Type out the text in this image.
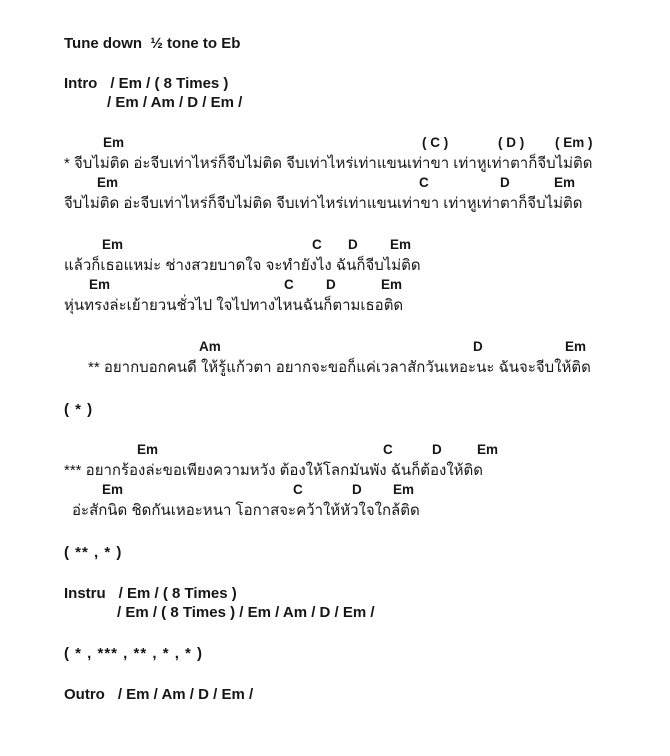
Tune down  ½ tone to Eb
Intro / Em / ( 8 Times )
/ Em / Am / D / Em /
Em	( C )	( D ) ( Em )
* จีบไม่ติด อ่ะจีบเท่าไหร่ก็จีบไม่ติด จีบเท่าไหร่เท่าแขนเท่าขา เท่าหูเท่าตาก็จีบไม่ติด
Em	C	D	Em
จีบไม่ติด อ่ะจีบเท่าไหร่ก็จีบไม่ติด จีบเท่าไหร่เท่าแขนเท่าขา เท่าหูเท่าตาก็จีบไม่ติด
Em	C D Em
แล้วก็เธอแหม่ะ ช่างสวยบาดใจ จะทำยังไง ฉันก็จีบไม่ติด
Em	C D	Em
หุ่นทรงล่ะเย้ายวนชั่วไป ใจไปทางไหนฉันก็ตามเธอติด
Am	D	Em
** อยากบอกคนดี ให้รู้แก้วตา อยากจะขอก็แค่เวลาสักวันเหอะนะ ฉันจะจีบให้ติด
( * )
Em	C	D	Em
*** อยากร้องล่ะขอเพียงความหวัง ต้องให้โลกมันพัง ฉันก็ต้องให้ติด
Em	C	D Em
อ่ะสักนิด ชิดกันเหอะหนา โอกาสจะคว้าให้หัวใจใกล้ติด
( ** , * )
Instru / Em / ( 8 Times )
/ Em / ( 8 Times ) / Em / Am / D / Em /
( * , *** , ** , * , * )
Outro / Em / Am / D / Em /
